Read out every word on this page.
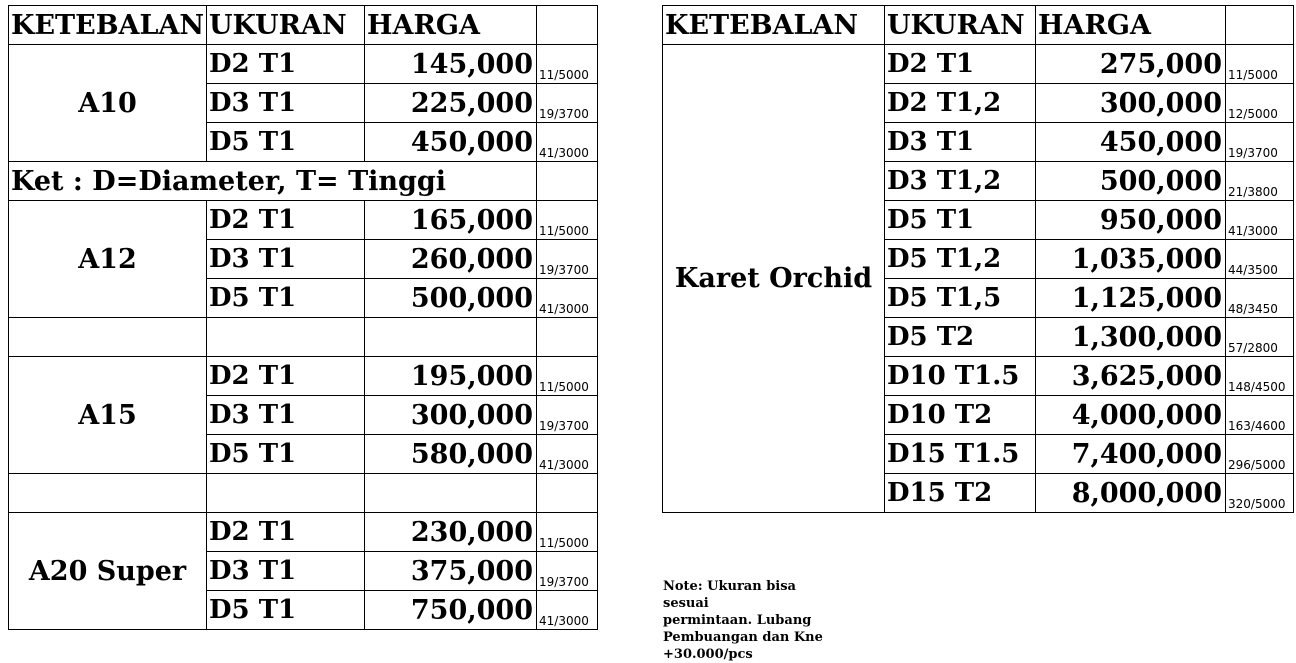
KETEBALAN	UKURAN	HARGA	
A10	D2 T1	145,000	11/5000
	D3 T1	225,000	19/3700
	D5 T1	450,000	41/3000
Ket : D=Diameter, T= Tinggi			
A12	D2 T1	165,000	11/5000
	D3 T1	260,000	19/3700
	D5 T1	500,000	41/3000

A15	D2 T1	195,000	11/5000
	D3 T1	300,000	19/3700
	D5 T1	580,000	41/3000

A20 Super	D2 T1	230,000	11/5000
	D3 T1	375,000	19/3700
	D5 T1	750,000	41/3000
KETEBALAN	UKURAN	HARGA	
Karet Orchid	D2 T1	275,000	11/5000
	D2 T1,2	300,000	12/5000
	D3 T1	450,000	19/3700
	D3 T1,2	500,000	21/3800
	D5 T1	950,000	41/3000
	D5 T1,2	1,035,000	44/3500
	D5 T1,5	1,125,000	48/3450
	D5 T2	1,300,000	57/2800
	D10 T1.5	3,625,000	148/4500
	D10 T2	4,000,000	163/4600
	D15 T1.5	7,400,000	296/5000
	D15 T2	8,000,000	320/5000
Note: Ukuran bisa sesuai
permintaan. Lubang
Pembuangan dan Kne
+30.000/pcs
